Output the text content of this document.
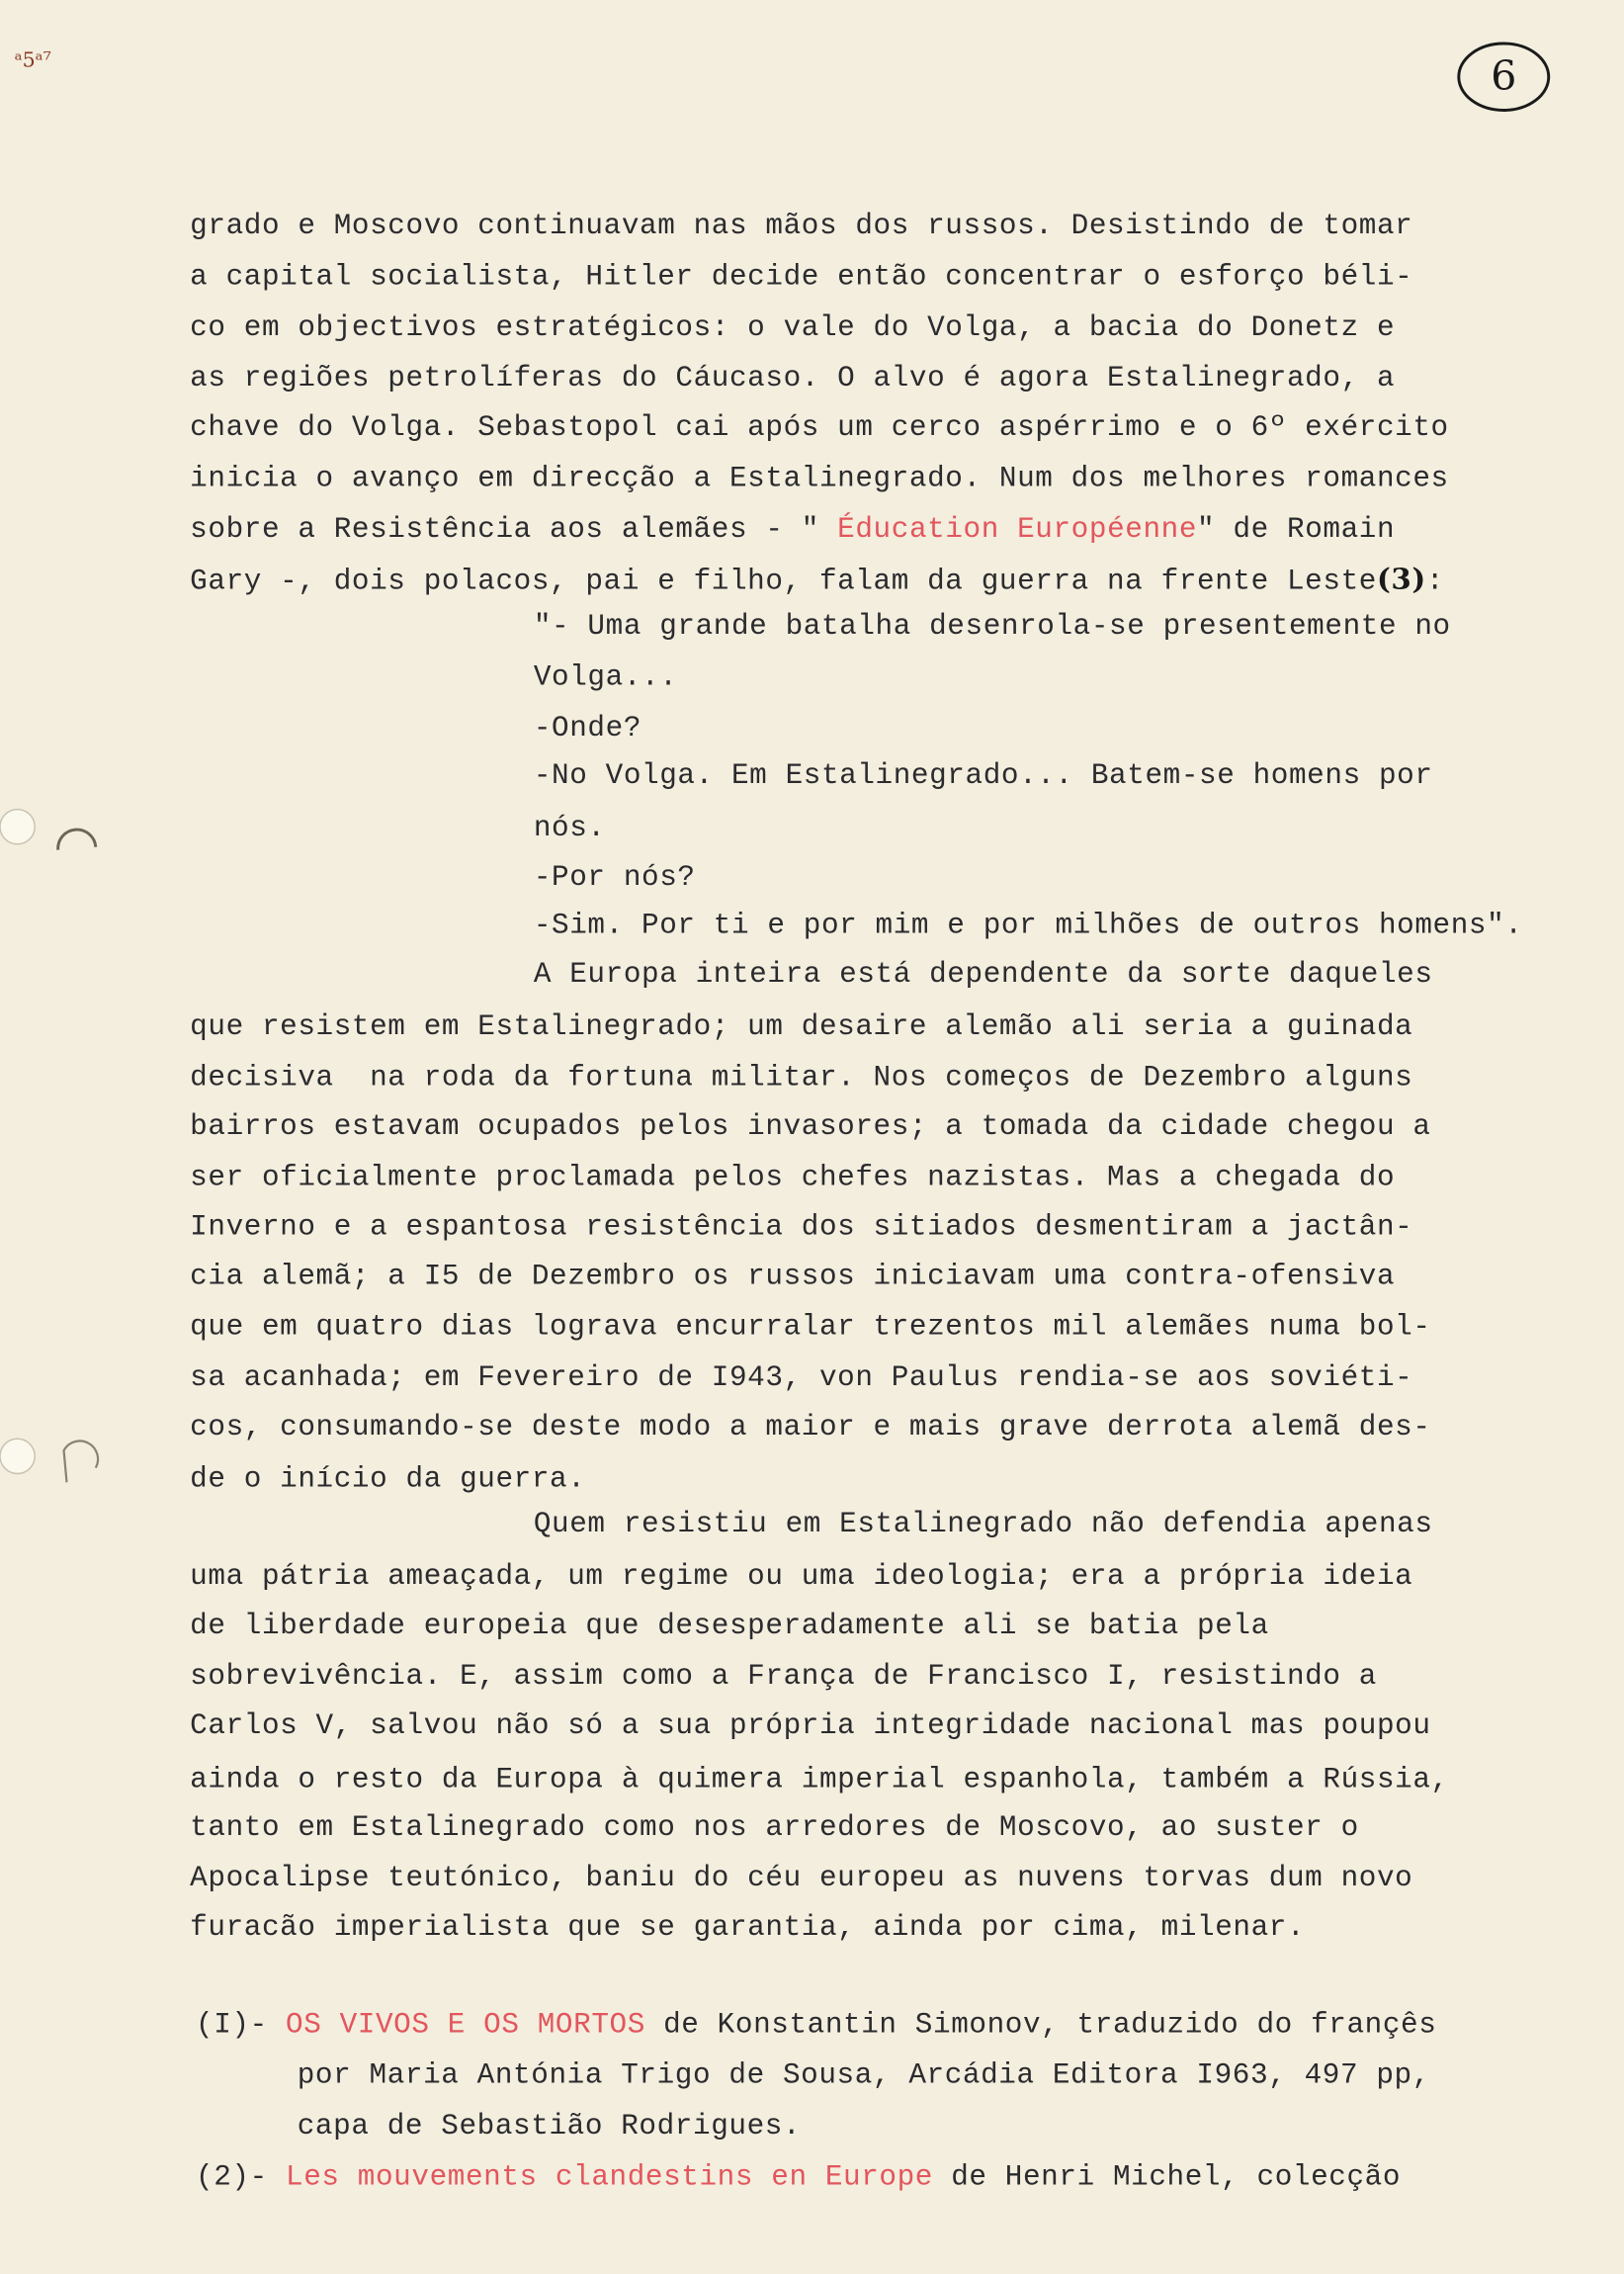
ᵃ5ᵃ⁷	6
grado e Moscovo continuavam nas mãos dos russos. Desistindo de tomar
a capital socialista, Hitler decide então concentrar o esforço béli-
co em objectivos estratégicos: o vale do Volga, a bacia do Donetz e
as regiões petrolíferas do Cáucaso. O alvo é agora Estalinegrado, a
chave do Volga. Sebastopol cai após um cerco aspérrimo e o 6º exército
inicia o avanço em direcção a Estalinegrado. Num dos melhores romances
sobre a Resistência aos alemães - " Éducation Européenne" de Romain
Gary -, dois polacos, pai e filho, falam da guerra na frente Leste(3):
"- Uma grande batalha desenrola-se presentemente no
Volga...
-Onde?
-No Volga. Em Estalinegrado... Batem-se homens por
nós.
-Por nós?
-Sim. Por ti e por mim e por milhões de outros homens".
A Europa inteira está dependente da sorte daqueles
que resistem em Estalinegrado; um desaire alemão ali seria a guinada
decisiva  na roda da fortuna militar. Nos começos de Dezembro alguns
bairros estavam ocupados pelos invasores; a tomada da cidade chegou a
ser oficialmente proclamada pelos chefes nazistas. Mas a chegada do
Inverno e a espantosa resistência dos sitiados desmentiram a jactân-
cia alemã; a I5 de Dezembro os russos iniciavam uma contra-ofensiva
que em quatro dias lograva encurralar trezentos mil alemães numa bol-
sa acanhada; em Fevereiro de I943, von Paulus rendia-se aos soviéti-
cos, consumando-se deste modo a maior e mais grave derrota alemã des-
de o início da guerra.
Quem resistiu em Estalinegrado não defendia apenas
uma pátria ameaçada, um regime ou uma ideologia; era a própria ideia
de liberdade europeia que desesperadamente ali se batia pela
sobrevivência. E, assim como a França de Francisco I, resistindo a
Carlos V, salvou não só a sua própria integridade nacional mas poupou
ainda o resto da Europa à quimera imperial espanhola, também a Rússia,
tanto em Estalinegrado como nos arredores de Moscovo, ao suster o
Apocalipse teutónico, baniu do céu europeu as nuvens torvas dum novo
furacão imperialista que se garantia, ainda por cima, milenar.
(I)- OS VIVOS E OS MORTOS de Konstantin Simonov, traduzido do françês
por Maria Antónia Trigo de Sousa, Arcádia Editora I963, 497 pp,
capa de Sebastião Rodrigues.
(2)- Les mouvements clandestins en Europe de Henri Michel, colecção
